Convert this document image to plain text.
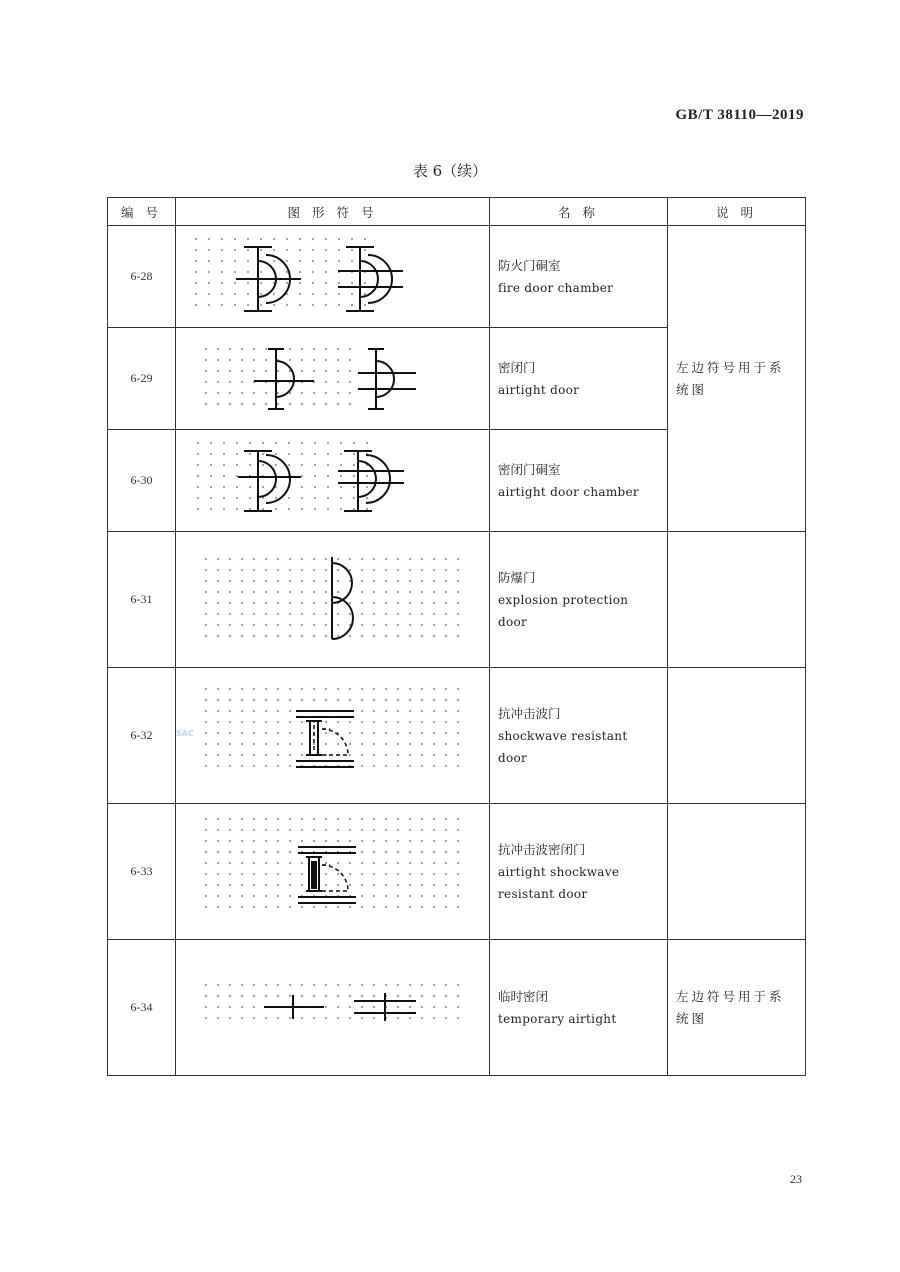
GB/T 38110—2019
表 6（续）
编 号	图 形 符 号	名 称	说 明
6-28		防火门硐室
fire door chamber	左边符号用于系统图
6-29		密闭门
airtight door	

6-30		密闭门硐室
airtight door chamber	

6-31		防爆门
explosion protection door	

6-32		抗冲击波门
shockwave resistant door	

6-33		抗冲击波密闭门
airtight shockwave resistant door	

6-34		临时密闭
temporary airtight	左边符号用于系统图
SAC
23
